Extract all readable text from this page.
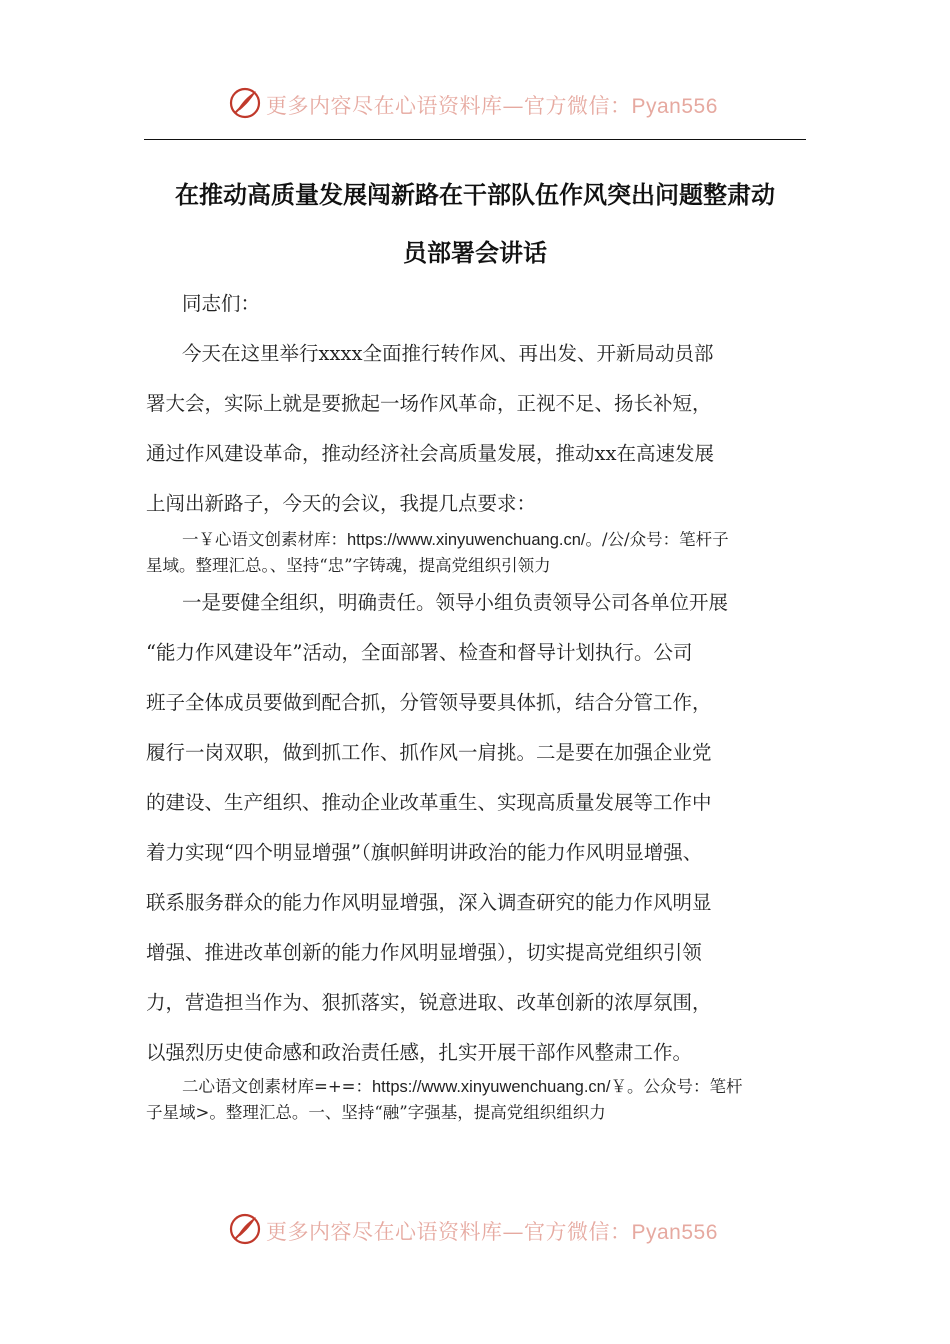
更多内容尽在心语资料库—官方微信：Pyan556
在推动高质量发展闯新路在干部队伍作风突出问题整肃动
员部署会讲话
同志们：
今天在这里举行xxxx全面推行转作风、再出发、开新局动员部
署大会，实际上就是要掀起一场作风革命，正视不足、扬长补短，
通过作风建设革命，推动经济社会高质量发展，推动xx在高速发展
上闯出新路子，今天的会议，我提几点要求：
一￥心语文创素材库：https://www.xinyuwenchuang.cn/。/公/众号：笔杆子
星域。整理汇总。、坚持“忠”字铸魂，提高党组织引领力
一是要健全组织，明确责任。领导小组负责领导公司各单位开展
“能力作风建设年”活动，全面部署、检查和督导计划执行。公司
班子全体成员要做到配合抓，分管领导要具体抓，结合分管工作，
履行一岗双职，做到抓工作、抓作风一肩挑。二是要在加强企业党
的建设、生产组织、推动企业改革重生、实现高质量发展等工作中
着力实现“四个明显增强”（旗帜鲜明讲政治的能力作风明显增强、
联系服务群众的能力作风明显增强，深入调查研究的能力作风明显
增强、推进改革创新的能力作风明显增强），切实提高党组织引领
力，营造担当作为、狠抓落实，锐意进取、改革创新的浓厚氛围，
以强烈历史使命感和政治责任感，扎实开展干部作风整肃工作。
二心语文创素材库=+=：https://www.xinyuwenchuang.cn/￥。公众号：笔杆
子星域>。整理汇总。一、坚持“融”字强基，提高党组织组织力
更多内容尽在心语资料库—官方微信：Pyan556
